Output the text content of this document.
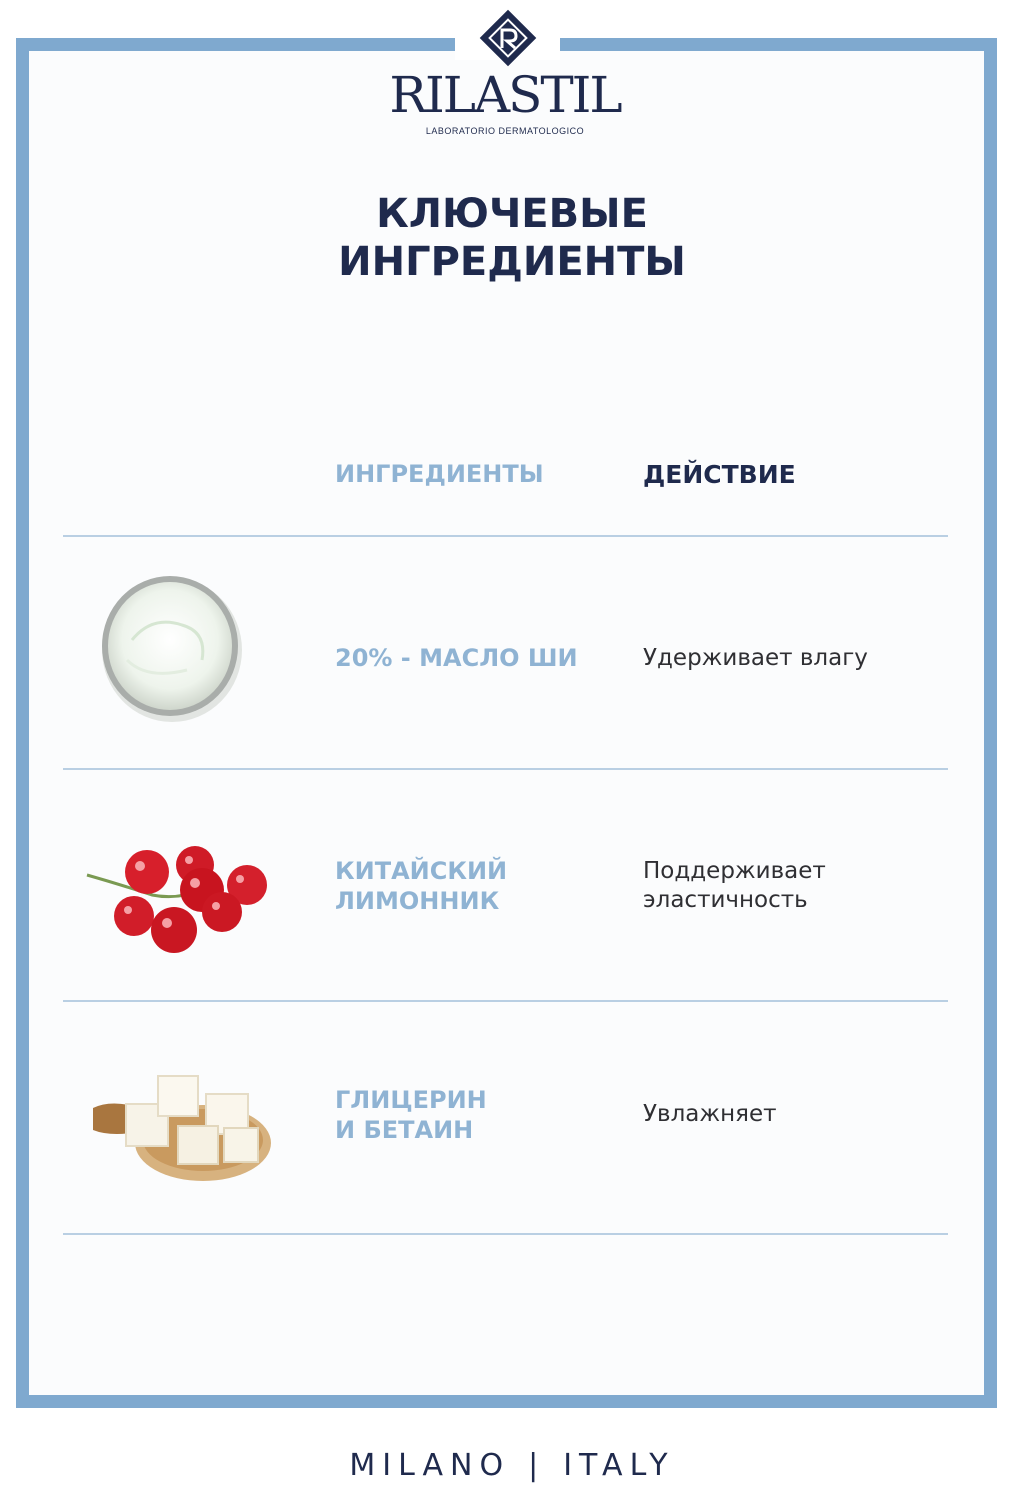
RILASTIL
LABORATORIO DERMATOLOGICO
КЛЮЧЕВЫЕ
ИНГРЕДИЕНТЫ
ИНГРЕДИЕНТЫ	ДЕЙСТВИЕ
20% - МАСЛО ШИ	Удерживает влагу
КИТАЙСКИЙ
ЛИМОННИК
Поддерживает
эластичность
ГЛИЦЕРИН
И БЕТАИН
Увлажняет
MILANO | ITALY
